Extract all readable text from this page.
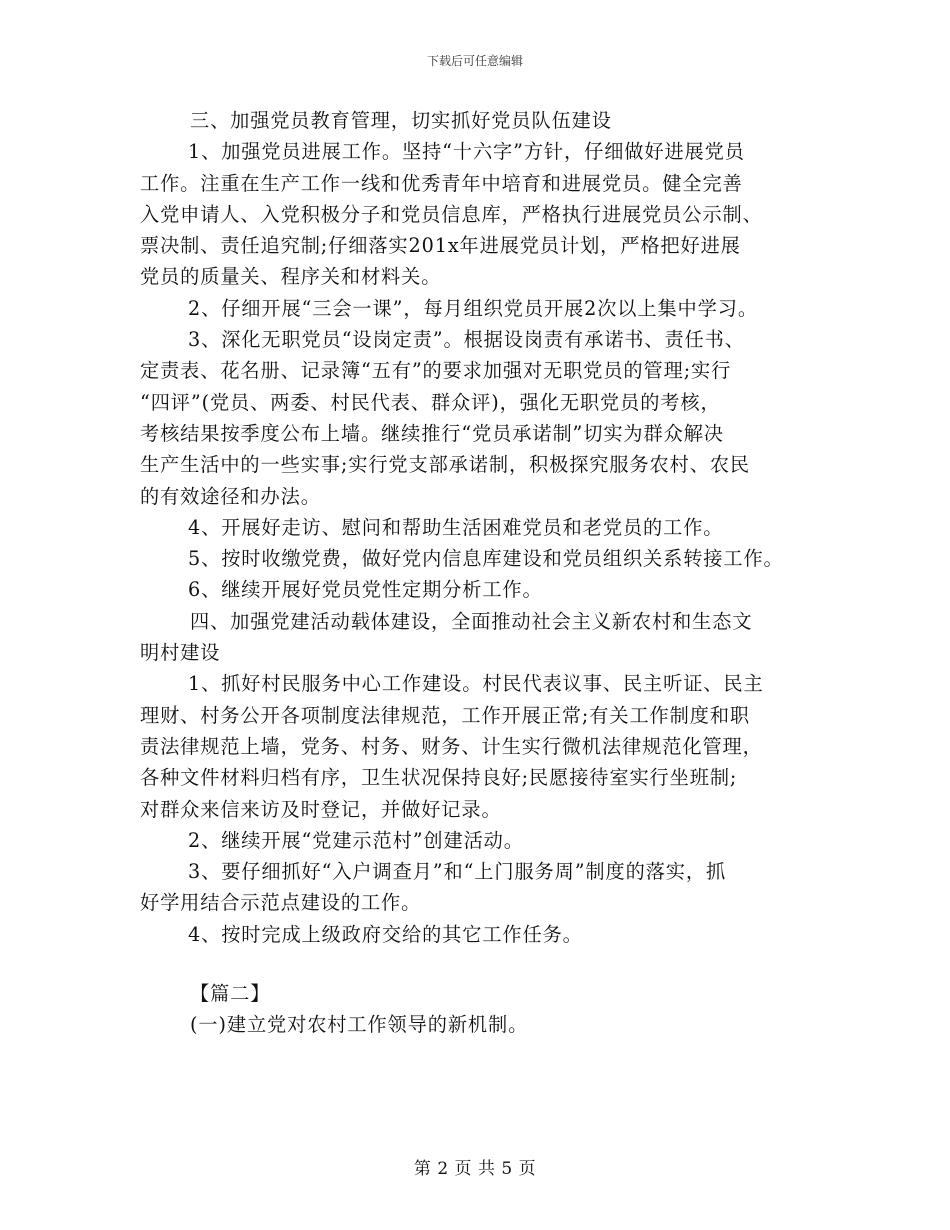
下载后可任意编辑
三、加强党员教育管理，切实抓好党员队伍建设
1、加强党员进展工作。坚持“十六字”方针，仔细做好进展党员
工作。注重在生产工作一线和优秀青年中培育和进展党员。健全完善
入党申请人、入党积极分子和党员信息库，严格执行进展党员公示制、
票决制、责任追究制;仔细落实201x年进展党员计划，严格把好进展
党员的质量关、程序关和材料关。
2、仔细开展“三会一课”，每月组织党员开展2次以上集中学习。
3、深化无职党员“设岗定责”。根据设岗责有承诺书、责任书、
定责表、花名册、记录簿“五有”的要求加强对无职党员的管理;实行
“四评”(党员、两委、村民代表、群众评)，强化无职党员的考核，
考核结果按季度公布上墙。继续推行“党员承诺制”切实为群众解决
生产生活中的一些实事;实行党支部承诺制，积极探究服务农村、农民
的有效途径和办法。
4、开展好走访、慰问和帮助生活困难党员和老党员的工作。
5、按时收缴党费，做好党内信息库建设和党员组织关系转接工作。
6、继续开展好党员党性定期分析工作。
四、加强党建活动载体建设，全面推动社会主义新农村和生态文
明村建设
1、抓好村民服务中心工作建设。村民代表议事、民主听证、民主
理财、村务公开各项制度法律规范，工作开展正常;有关工作制度和职
责法律规范上墙，党务、村务、财务、计生实行微机法律规范化管理，
各种文件材料归档有序，卫生状况保持良好;民愿接待室实行坐班制;
对群众来信来访及时登记，并做好记录。
2、继续开展“党建示范村”创建活动。
3、要仔细抓好“入户调查月”和“上门服务周”制度的落实，抓
好学用结合示范点建设的工作。
4、按时完成上级政府交给的其它工作任务。
【篇二】
(一)建立党对农村工作领导的新机制。
第 2 页 共 5 页
